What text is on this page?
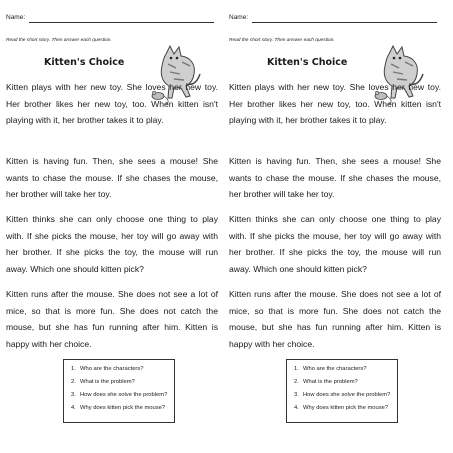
Name:
Read the short story. Then answer each question.
Kitten's Choice
Kitten plays with her new toy. She loves her new toy. Her brother likes her new toy, too. When kitten isn't playing with it, her brother takes it to play.
Kitten is having fun. Then, she sees a mouse! She wants to chase the mouse. If she chases the mouse, her brother will take her toy.
Kitten thinks she can only choose one thing to play with. If she picks the mouse, her toy will go away with her brother. If she picks the toy, the mouse will run away. Which one should kitten pick?
Kitten runs after the mouse. She does not see a lot of mice, so that is more fun. She does not catch the mouse, but she has fun running after him. Kitten is happy with her choice.
1. Who are the characters?
2. What is the problem?
3. How does she solve the problem?
4. Why does kitten pick the mouse?
Name:
Read the short story. Then answer each question.
Kitten's Choice
Kitten plays with her new toy. She loves her new toy. Her brother likes her new toy, too. When kitten isn't playing with it, her brother takes it to play.
Kitten is having fun. Then, she sees a mouse! She wants to chase the mouse. If she chases the mouse, her brother will take her toy.
Kitten thinks she can only choose one thing to play with. If she picks the mouse, her toy will go away with her brother. If she picks the toy, the mouse will run away. Which one should kitten pick?
Kitten runs after the mouse. She does not see a lot of mice, so that is more fun. She does not catch the mouse, but she has fun running after him. Kitten is happy with her choice.
1. Who are the characters?
2. What is the problem?
3. How does she solve the problem?
4. Why does kitten pick the mouse?
